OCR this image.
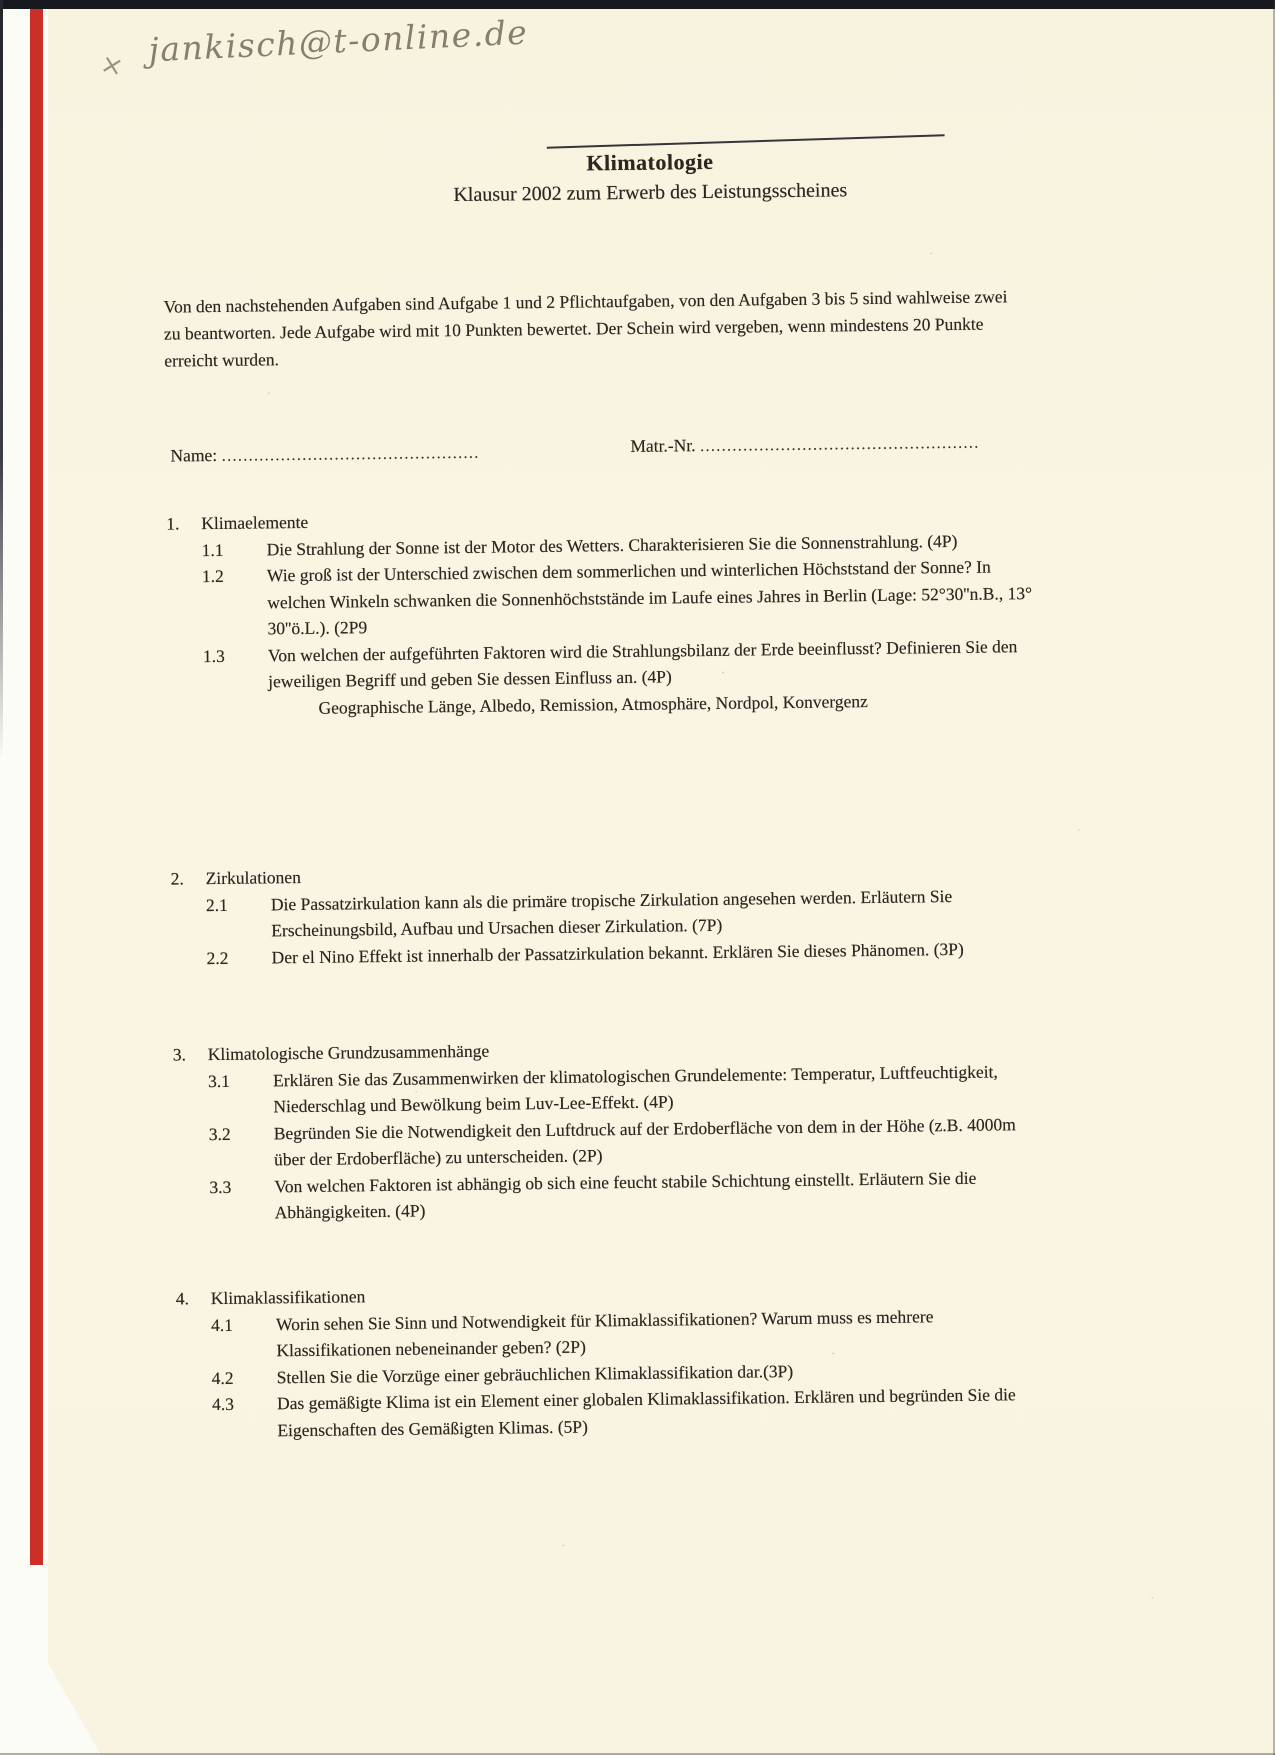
× jankisch@t-online.de
Klimatologie
Klausur 2002 zum Erwerb des Leistungsscheines
Von den nachstehenden Aufgaben sind Aufgabe 1 und 2 Pflichtaufgaben, von den Aufgaben 3 bis 5 sind wahlweise zwei zu beantworten. Jede Aufgabe wird mit 10 Punkten bewertet. Der Schein wird vergeben, wenn mindestens 20 Punkte erreicht wurden.
Name: ................................................	Matr.-Nr. ....................................................
1.	Klimaelemente
1.1	Die Strahlung der Sonne ist der Motor des Wetters. Charakterisieren Sie die Sonnenstrahlung. (4P)
1.2	Wie groß ist der Unterschied zwischen dem sommerlichen und winterlichen Höchststand der Sonne? In welchen Winkeln schwanken die Sonnenhöchststände im Laufe eines Jahres in Berlin (Lage: 52°30''n.B., 13° 30''ö.L.). (2P9
1.3	Von welchen der aufgeführten Faktoren wird die Strahlungsbilanz der Erde beeinflusst? Definieren Sie den jeweiligen Begriff und geben Sie dessen Einfluss an. (4P)
Geographische Länge, Albedo, Remission, Atmosphäre, Nordpol, Konvergenz
2.	Zirkulationen
2.1	Die Passatzirkulation kann als die primäre tropische Zirkulation angesehen werden. Erläutern Sie Erscheinungsbild, Aufbau und Ursachen dieser Zirkulation. (7P)
2.2	Der el Nino Effekt ist innerhalb der Passatzirkulation bekannt. Erklären Sie dieses Phänomen. (3P)
3.	Klimatologische Grundzusammenhänge
3.1	Erklären Sie das Zusammenwirken der klimatologischen Grundelemente: Temperatur, Luftfeuchtigkeit, Niederschlag und Bewölkung beim Luv-Lee-Effekt. (4P)
3.2	Begründen Sie die Notwendigkeit den Luftdruck auf der Erdoberfläche von dem in der Höhe (z.B. 4000m über der Erdoberfläche) zu unterscheiden. (2P)
3.3	Von welchen Faktoren ist abhängig ob sich eine feucht stabile Schichtung einstellt. Erläutern Sie die Abhängigkeiten. (4P)
4.	Klimaklassifikationen
4.1	Worin sehen Sie Sinn und Notwendigkeit für Klimaklassifikationen? Warum muss es mehrere Klassifikationen nebeneinander geben? (2P)
4.2	Stellen Sie die Vorzüge einer gebräuchlichen Klimaklassifikation dar.(3P)
4.3	Das gemäßigte Klima ist ein Element einer globalen Klimaklassifikation. Erklären und begründen Sie die Eigenschaften des Gemäßigten Klimas. (5P)
